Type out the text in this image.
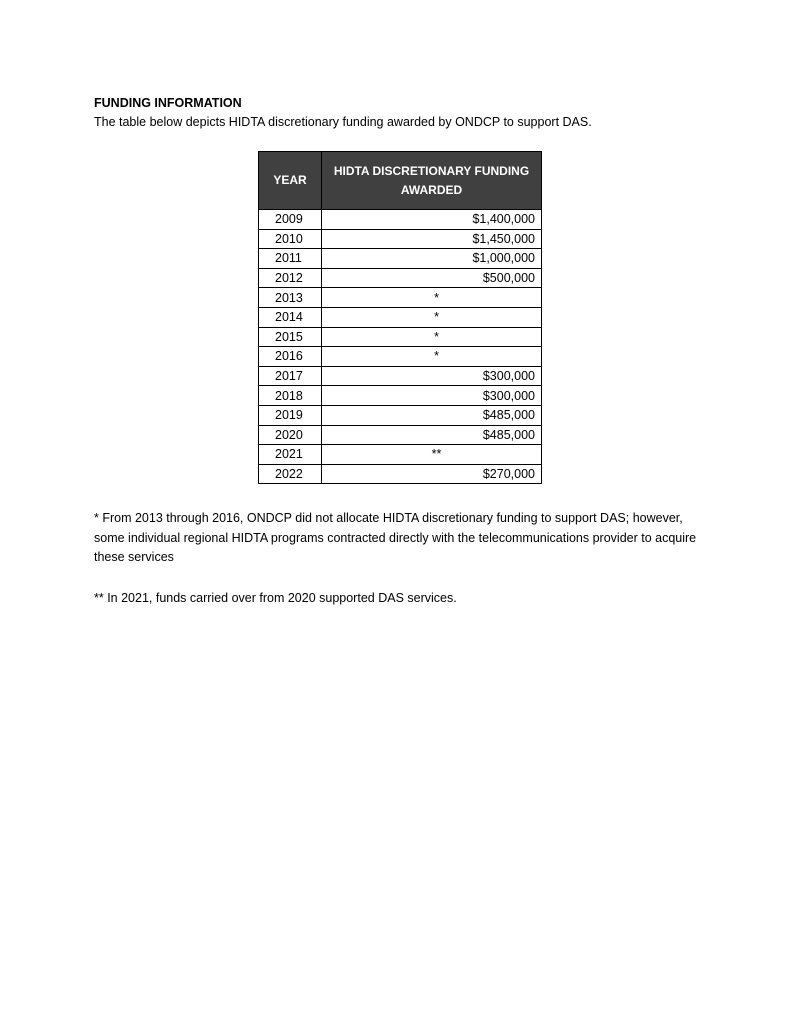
FUNDING INFORMATION
The table below depicts HIDTA discretionary funding awarded by ONDCP to support DAS.
YEAR	HIDTA DISCRETIONARY FUNDING AWARDED
2009	$1,400,000
2010	$1,450,000
2011	$1,000,000
2012	$500,000
2013	*
2014	*
2015	*
2016	*
2017	$300,000
2018	$300,000
2019	$485,000
2020	$485,000
2021	**
2022	$270,000
* From 2013 through 2016, ONDCP did not allocate HIDTA discretionary funding to support DAS; however, some individual regional HIDTA programs contracted directly with the telecommunications provider to acquire these services
** In 2021, funds carried over from 2020 supported DAS services.
